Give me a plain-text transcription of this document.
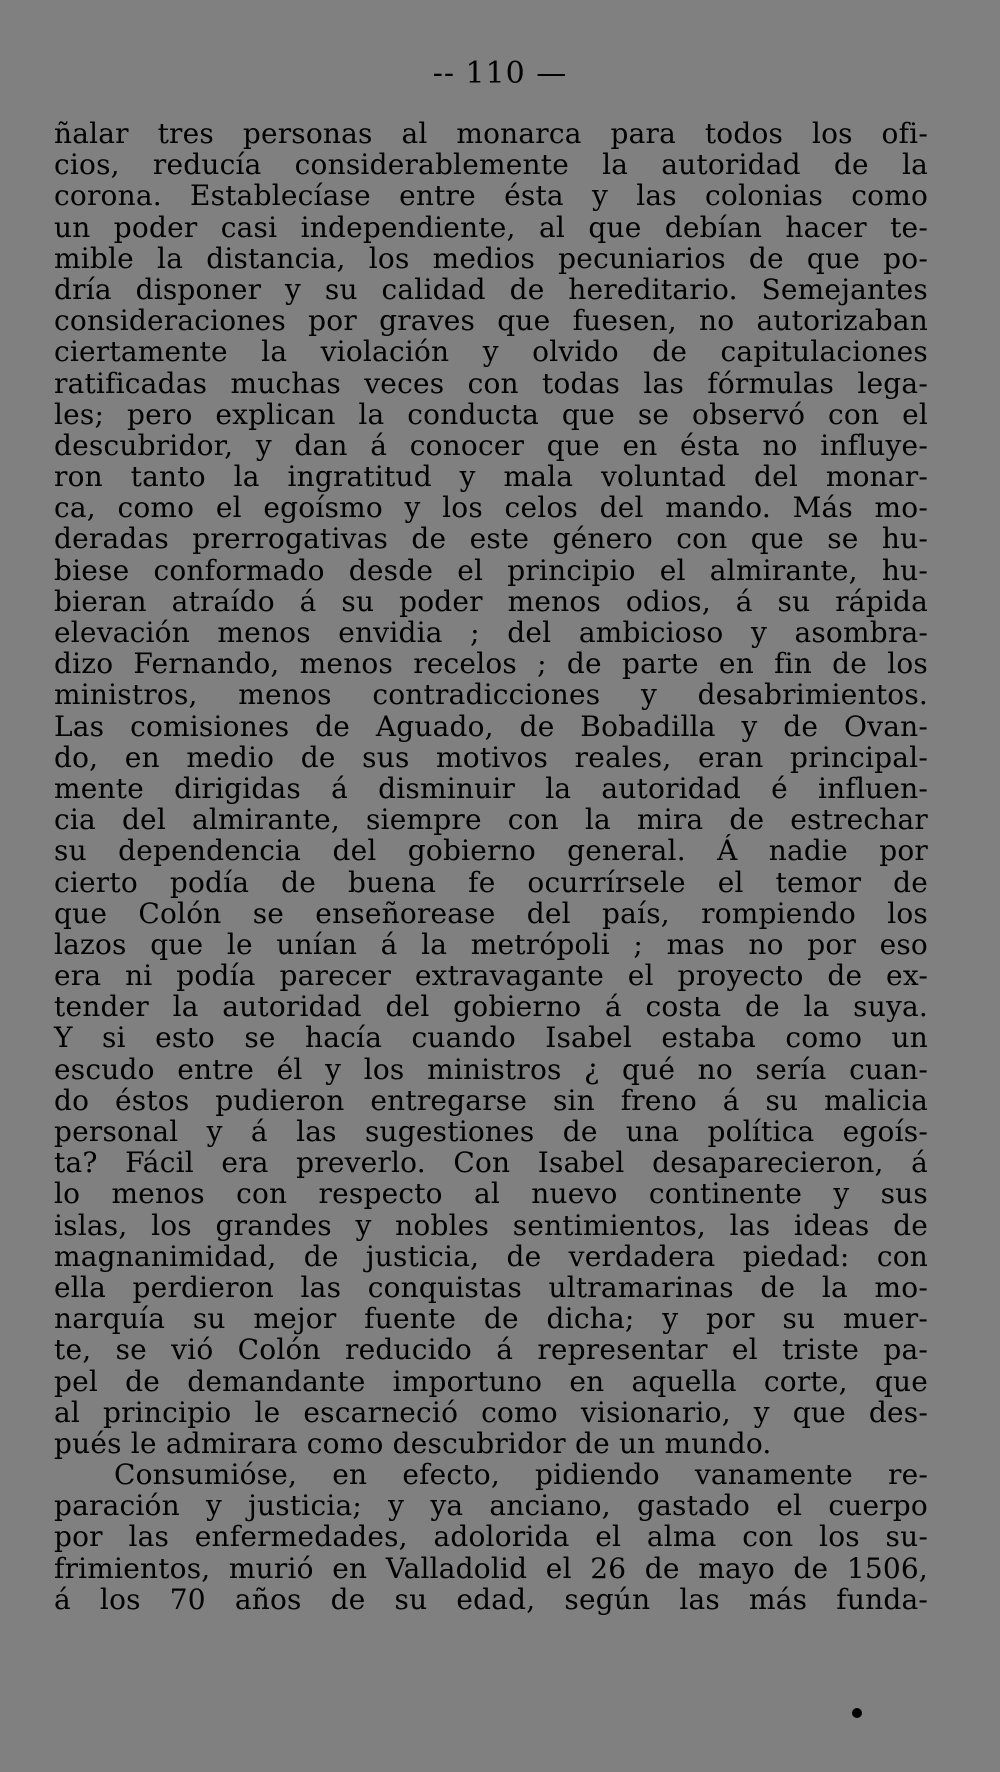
-- 110 —
ñalar tres personas al monarca para todos los ofi-
cios, reducía considerablemente la autoridad de la
corona. Establecíase entre ésta y las colonias como
un poder casi independiente, al que debían hacer te-
mible la distancia, los medios pecuniarios de que po-
dría disponer y su calidad de hereditario. Semejantes
consideraciones por graves que fuesen, no autorizaban
ciertamente la violación y olvido de capitulaciones
ratificadas muchas veces con todas las fórmulas lega-
les; pero explican la conducta que se observó con el
descubridor, y dan á conocer que en ésta no influye-
ron tanto la ingratitud y mala voluntad del monar-
ca, como el egoísmo y los celos del mando. Más mo-
deradas prerrogativas de este género con que se hu-
biese conformado desde el principio el almirante, hu-
bieran atraído á su poder menos odios, á su rápida
elevación menos envidia ; del ambicioso y asombra-
dizo Fernando, menos recelos ; de parte en fin de los
ministros, menos contradicciones y desabrimientos.
Las comisiones de Aguado, de Bobadilla y de Ovan-
do, en medio de sus motivos reales, eran principal-
mente dirigidas á disminuir la autoridad é influen-
cia del almirante, siempre con la mira de estrechar
su dependencia del gobierno general. Á nadie por
cierto podía de buena fe ocurrírsele el temor de
que Colón se enseñorease del país, rompiendo los
lazos que le unían á la metrópoli ; mas no por eso
era ni podía parecer extravagante el proyecto de ex-
tender la autoridad del gobierno á costa de la suya.
Y si esto se hacía cuando Isabel estaba como un
escudo entre él y los ministros ¿ qué no sería cuan-
do éstos pudieron entregarse sin freno á su malicia
personal y á las sugestiones de una política egoís-
ta? Fácil era preverlo. Con Isabel desaparecieron, á
lo menos con respecto al nuevo continente y sus
islas, los grandes y nobles sentimientos, las ideas de
magnanimidad, de justicia, de verdadera piedad: con
ella perdieron las conquistas ultramarinas de la mo-
narquía su mejor fuente de dicha; y por su muer-
te, se vió Colón reducido á representar el triste pa-
pel de demandante importuno en aquella corte, que
al principio le escarneció como visionario, y que des-
pués le admirara como descubridor de un mundo.
Consumióse, en efecto, pidiendo vanamente re-
paración y justicia; y ya anciano, gastado el cuerpo
por las enfermedades, adolorida el alma con los su-
frimientos, murió en Valladolid el 26 de mayo de 1506,
á los 70 años de su edad, según las más funda-
